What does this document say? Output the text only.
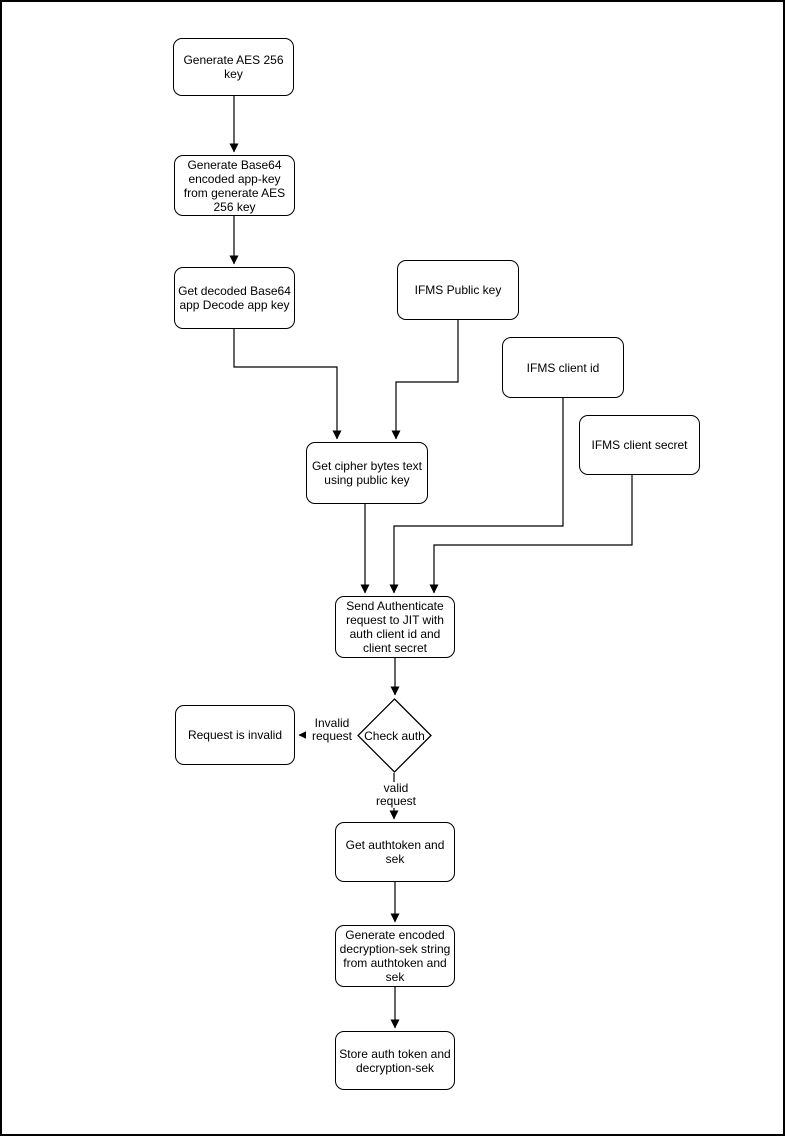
Invalid request
valid request
Generate AES 256 key
Generate Base64 encoded app-key from generate AES 256 key
Get decoded Base64 app Decode app key
IFMS Public key
IFMS client id
IFMS client secret
Get cipher bytes text using public key
Send Authenticate request to JIT with auth client id and client secret
Check auth
Request is invalid
Get authtoken and sek
Generate encoded decryption-sek string from authtoken and sek
Store auth token and decryption-sek
